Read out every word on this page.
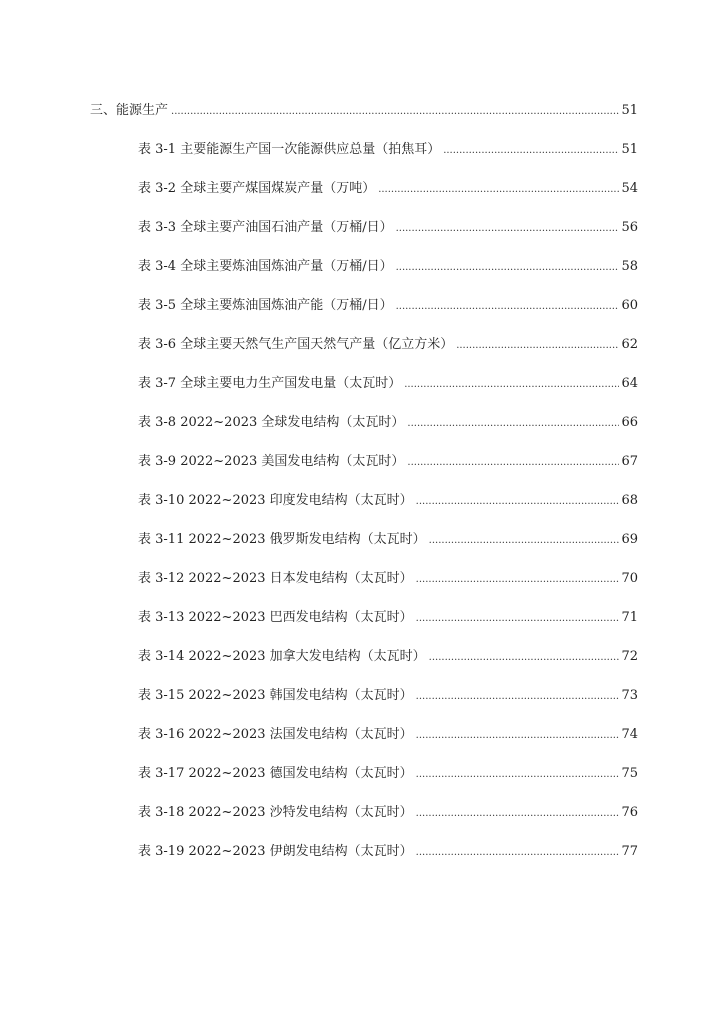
三、能源生产 .....	51
表 3-1 主要能源生产国一次能源供应总量（拍焦耳） .....	51
表 3-2 全球主要产煤国煤炭产量（万吨） .....	54
表 3-3 全球主要产油国石油产量（万桶/日） .....	56
表 3-4 全球主要炼油国炼油产量（万桶/日） .....	58
表 3-5 全球主要炼油国炼油产能（万桶/日） .....	60
表 3-6 全球主要天然气生产国天然气产量（亿立方米） .....	62
表 3-7 全球主要电力生产国发电量（太瓦时） .....	64
表 3-8 2022~2023 全球发电结构（太瓦时） .....	66
表 3-9 2022~2023 美国发电结构（太瓦时） .....	67
表 3-10 2022~2023 印度发电结构（太瓦时） .....	68
表 3-11 2022~2023 俄罗斯发电结构（太瓦时） .....	69
表 3-12 2022~2023 日本发电结构（太瓦时） .....	70
表 3-13 2022~2023 巴西发电结构（太瓦时） .....	71
表 3-14 2022~2023 加拿大发电结构（太瓦时） .....	72
表 3-15 2022~2023 韩国发电结构（太瓦时） .....	73
表 3-16 2022~2023 法国发电结构（太瓦时） .....	74
表 3-17 2022~2023 德国发电结构（太瓦时） .....	75
表 3-18 2022~2023 沙特发电结构（太瓦时） .....	76
表 3-19 2022~2023 伊朗发电结构（太瓦时） .....	77
